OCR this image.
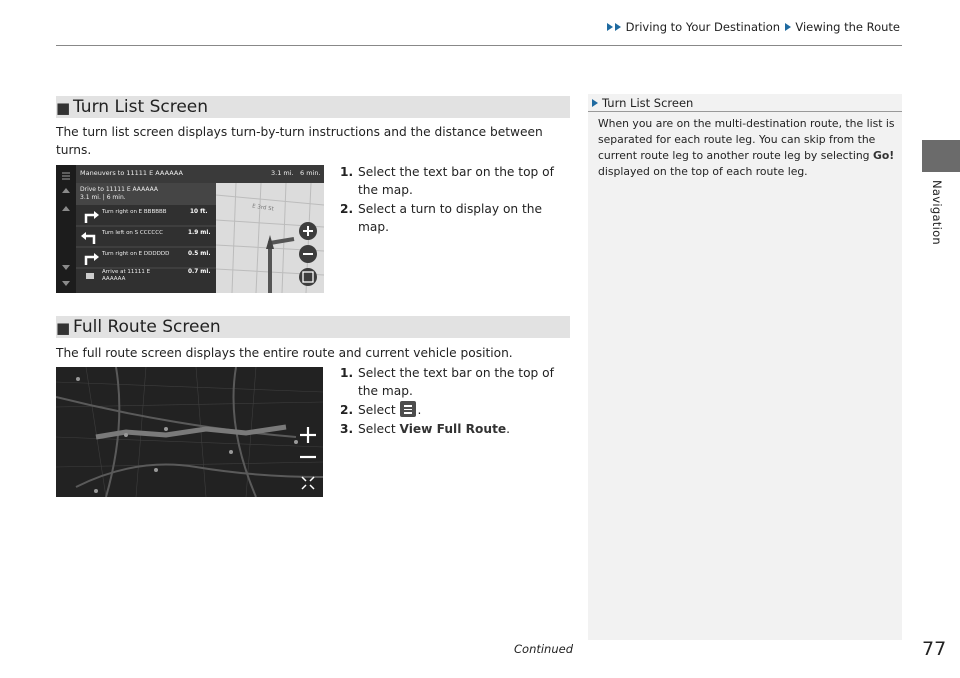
Driving to Your Destination Viewing the Route
Navigation
■ Turn List Screen
The turn list screen displays turn-by-turn instructions and the distance between turns.
Maneuvers to 11111 E AAAAAA	3.1 mi. 6 min.
Drive to 11111 E AAAAAA
3.1 mi. | 6 min.
Turn right on E BBBBBB	10 ft.
Turn left on S CCCCCC	1.9 mi.
Turn right on E DDDDDD	0.5 mi.
Arrive at 11111 E AAAAAA
0.7 mi.
E 3rd St
1. Select the text bar on the top of the map.
2. Select a turn to display on the map.
■ Full Route Screen
The full route screen displays the entire route and current vehicle position.
1. Select the text bar on the top of the map.
2. Select .
3. Select View Full Route.
Turn List Screen
When you are on the multi-destination route, the list is separated for each route leg. You can skip from the current route leg to another route leg by selecting Go! displayed on the top of each route leg.
Continued	77
